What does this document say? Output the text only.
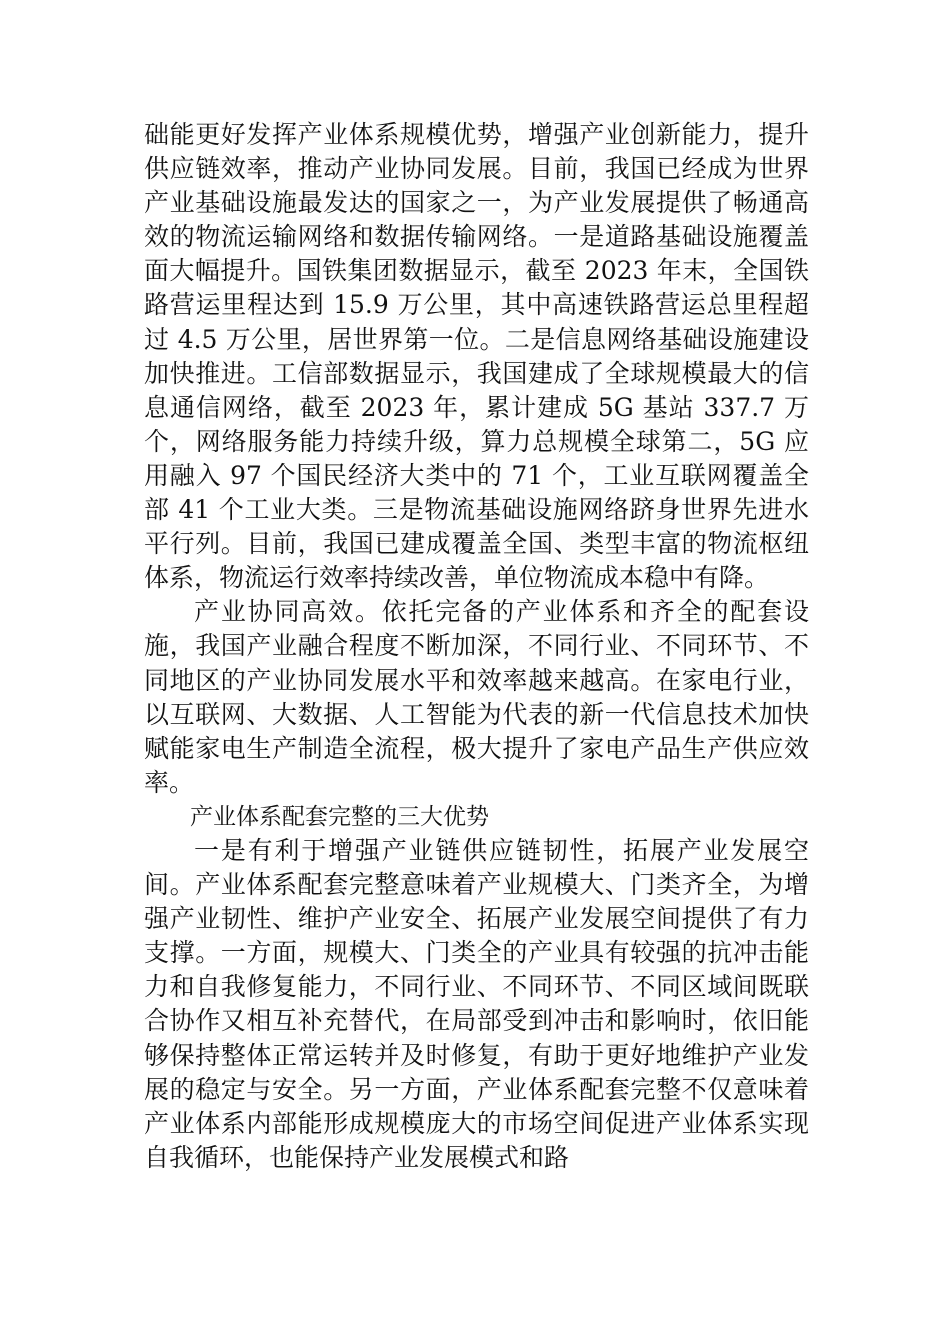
础能更好发挥产业体系规模优势，增强产业创新能力，提升供应链效率，推动产业协同发展。目前，我国已经成为世界产业基础设施最发达的国家之一，为产业发展提供了畅通高效的物流运输网络和数据传输网络。一是道路基础设施覆盖面大幅提升。国铁集团数据显示，截至 2023 年末，全国铁路营运里程达到 15.9 万公里，其中高速铁路营运总里程超过 4.5 万公里，居世界第一位。二是信息网络基础设施建设加快推进。工信部数据显示，我国建成了全球规模最大的信息通信网络，截至 2023 年，累计建成 5G 基站 337.7 万个，网络服务能力持续升级，算力总规模全球第二，5G 应用融入 97 个国民经济大类中的 71 个，工业互联网覆盖全部 41 个工业大类。三是物流基础设施网络跻身世界先进水平行列。目前，我国已建成覆盖全国、类型丰富的物流枢纽体系，物流运行效率持续改善，单位物流成本稳中有降。

产业协同高效。依托完备的产业体系和齐全的配套设施，我国产业融合程度不断加深，不同行业、不同环节、不同地区的产业协同发展水平和效率越来越高。在家电行业，以互联网、大数据、人工智能为代表的新一代信息技术加快赋能家电生产制造全流程，极大提升了家电产品生产供应效率。

产业体系配套完整的三大优势

一是有利于增强产业链供应链韧性，拓展产业发展空间。产业体系配套完整意味着产业规模大、门类齐全，为增强产业韧性、维护产业安全、拓展产业发展空间提供了有力支撑。一方面，规模大、门类全的产业具有较强的抗冲击能力和自我修复能力，不同行业、不同环节、不同区域间既联合协作又相互补充替代，在局部受到冲击和影响时，依旧能够保持整体正常运转并及时修复，有助于更好地维护产业发展的稳定与安全。另一方面，产业体系配套完整不仅意味着产业体系内部能形成规模庞大的市场空间促进产业体系实现自我循环，也能保持产业发展模式和路
